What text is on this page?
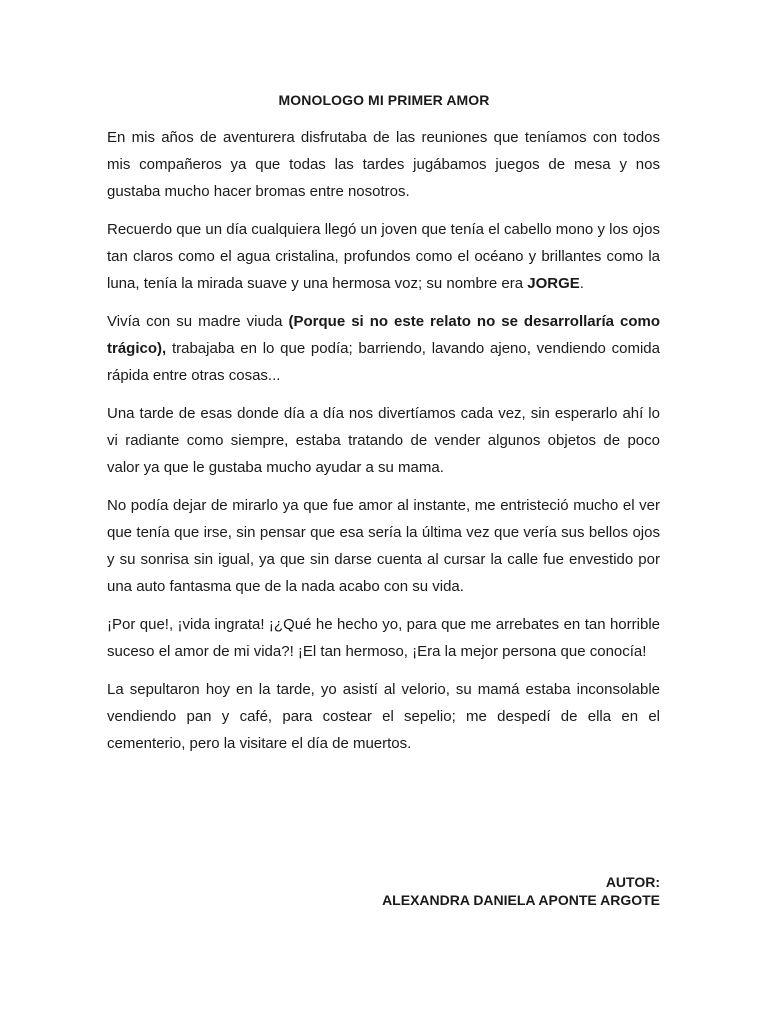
MONOLOGO MI PRIMER AMOR

En mis años de aventurera disfrutaba de las reuniones que teníamos con todos mis compañeros ya que todas las tardes jugábamos juegos de mesa y nos gustaba mucho hacer bromas entre nosotros.

Recuerdo que un día cualquiera llegó un joven que tenía el cabello mono y los ojos tan claros como el agua cristalina, profundos como el océano y brillantes como la luna, tenía la mirada suave y una hermosa voz; su nombre era JORGE.

Vivía con su madre viuda (Porque si no este relato no se desarrollaría como trágico), trabajaba en lo que podía; barriendo, lavando ajeno, vendiendo comida rápida entre otras cosas...

Una tarde de esas donde día a día nos divertíamos cada vez, sin esperarlo ahí lo vi radiante como siempre, estaba tratando de vender algunos objetos de poco valor ya que le gustaba mucho ayudar a su mama.

No podía dejar de mirarlo ya que fue amor al instante, me entristeció mucho el ver que tenía que irse, sin pensar que esa sería la última vez que vería sus bellos ojos y su sonrisa sin igual, ya que sin darse cuenta al cursar la calle fue envestido por una auto fantasma que de la nada acabo con su vida.

¡Por que!, ¡vida ingrata! ¡¿Qué he hecho yo, para que me arrebates en tan horrible suceso el amor de mi vida?! ¡El tan hermoso, ¡Era la mejor persona que conocía!

La sepultaron hoy en la tarde, yo asistí al velorio, su mamá estaba inconsolable vendiendo pan y café, para costear el sepelio; me despedí de ella en el cementerio, pero la visitare el día de muertos.

AUTOR:
ALEXANDRA DANIELA APONTE ARGOTE
